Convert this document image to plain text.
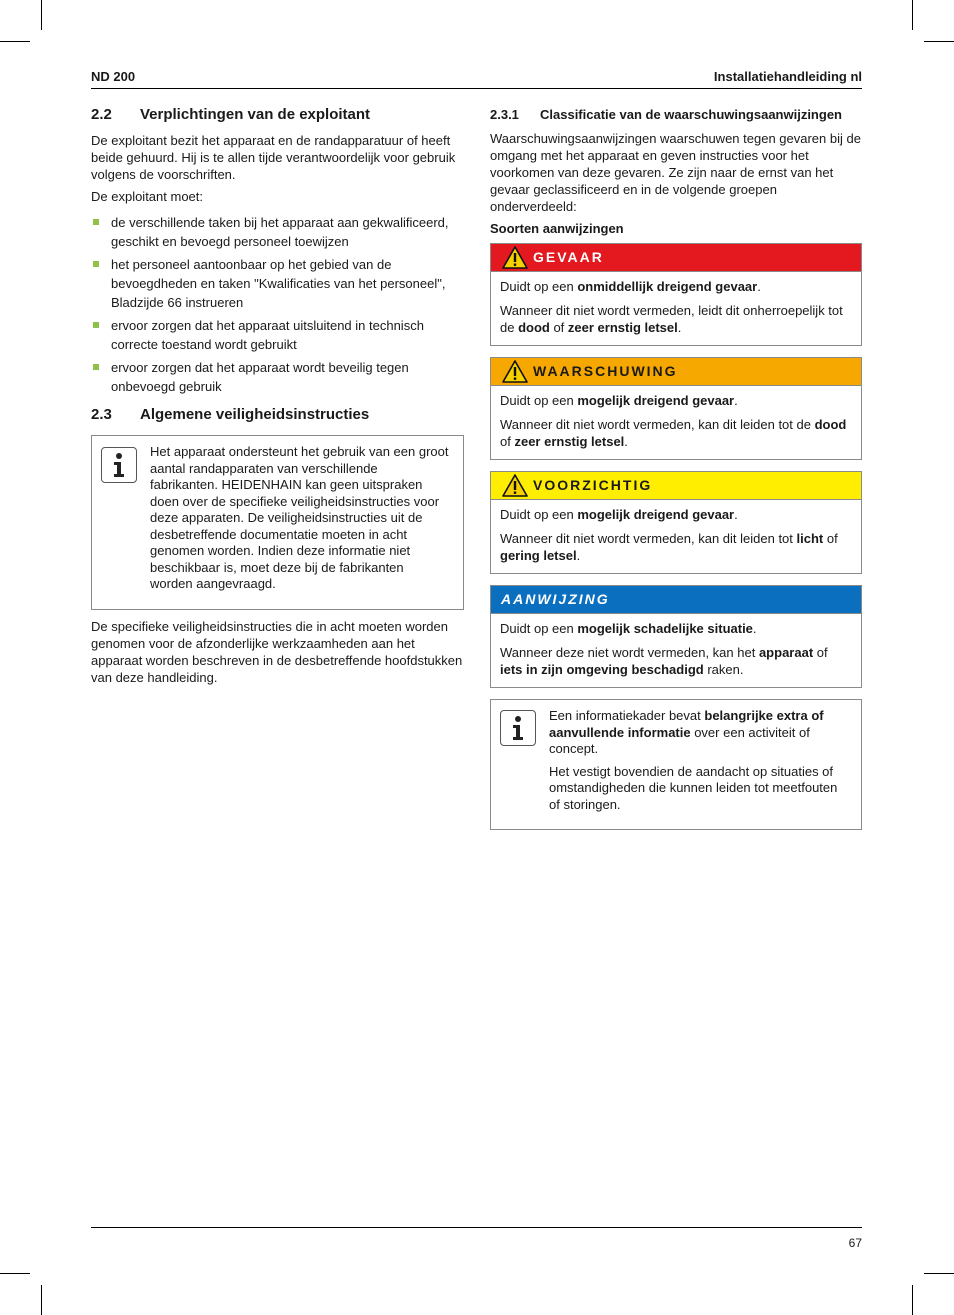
ND 200	Installatiehandleiding nl
2.2 Verplichtingen van de exploitant

De exploitant bezit het apparaat en de randapparatuur of heeft beide gehuurd. Hij is te allen tijde verantwoordelijk voor gebruik volgens de voorschriften.

De exploitant moet:

de verschillende taken bij het apparaat aan gekwalificeerd, geschikt en bevoegd personeel toewijzen
het personeel aantoonbaar op het gebied van de bevoegdheden en taken "Kwalificaties van het personeel", Bladzijde 66 instrueren
ervoor zorgen dat het apparaat uitsluitend in technisch correcte toestand wordt gebruikt
ervoor zorgen dat het apparaat wordt beveilig tegen onbevoegd gebruik
2.3 Algemene veiligheidsinstructies

Het apparaat ondersteunt het gebruik van een groot aantal randapparaten van verschillende fabrikanten. HEIDENHAIN kan geen uitspraken doen over de specifieke veiligheidsinstructies voor deze apparaten. De veiligheidsinstructies uit de desbetreffende documentatie moeten in acht genomen worden. Indien deze informatie niet beschikbaar is, moet deze bij de fabrikanten worden aangevraagd.

De specifieke veiligheidsinstructies die in acht moeten worden genomen voor de afzonderlijke werkzaamheden aan het apparaat worden beschreven in de desbetreffende hoofdstukken van deze handleiding.

2.3.1	Classificatie van de waarschuwingsaanwijzingen

Waarschuwingsaanwijzingen waarschuwen tegen gevaren bij de omgang met het apparaat en geven instructies voor het voorkomen van deze gevaren. Ze zijn naar de ernst van het gevaar geclassificeerd en in de volgende groepen onderverdeeld:

Soorten aanwijzingen
GEVAAR

Duidt op een onmiddellijk dreigend gevaar.

Wanneer dit niet wordt vermeden, leidt dit onherroepelijk tot de dood of zeer ernstig letsel.

WAARSCHUWING

Duidt op een mogelijk dreigend gevaar.

Wanneer dit niet wordt vermeden, kan dit leiden tot de dood of zeer ernstig letsel.

VOORZICHTIG

Duidt op een mogelijk dreigend gevaar.

Wanneer dit niet wordt vermeden, kan dit leiden tot licht of gering letsel.

AANWIJZING

Duidt op een mogelijk schadelijke situatie.

Wanneer deze niet wordt vermeden, kan het apparaat of iets in zijn omgeving beschadigd raken.

Een informatiekader bevat belangrijke extra of aanvullende informatie over een activiteit of concept.

Het vestigt bovendien de aandacht op situaties of omstandigheden die kunnen leiden tot meetfouten of storingen.

67
